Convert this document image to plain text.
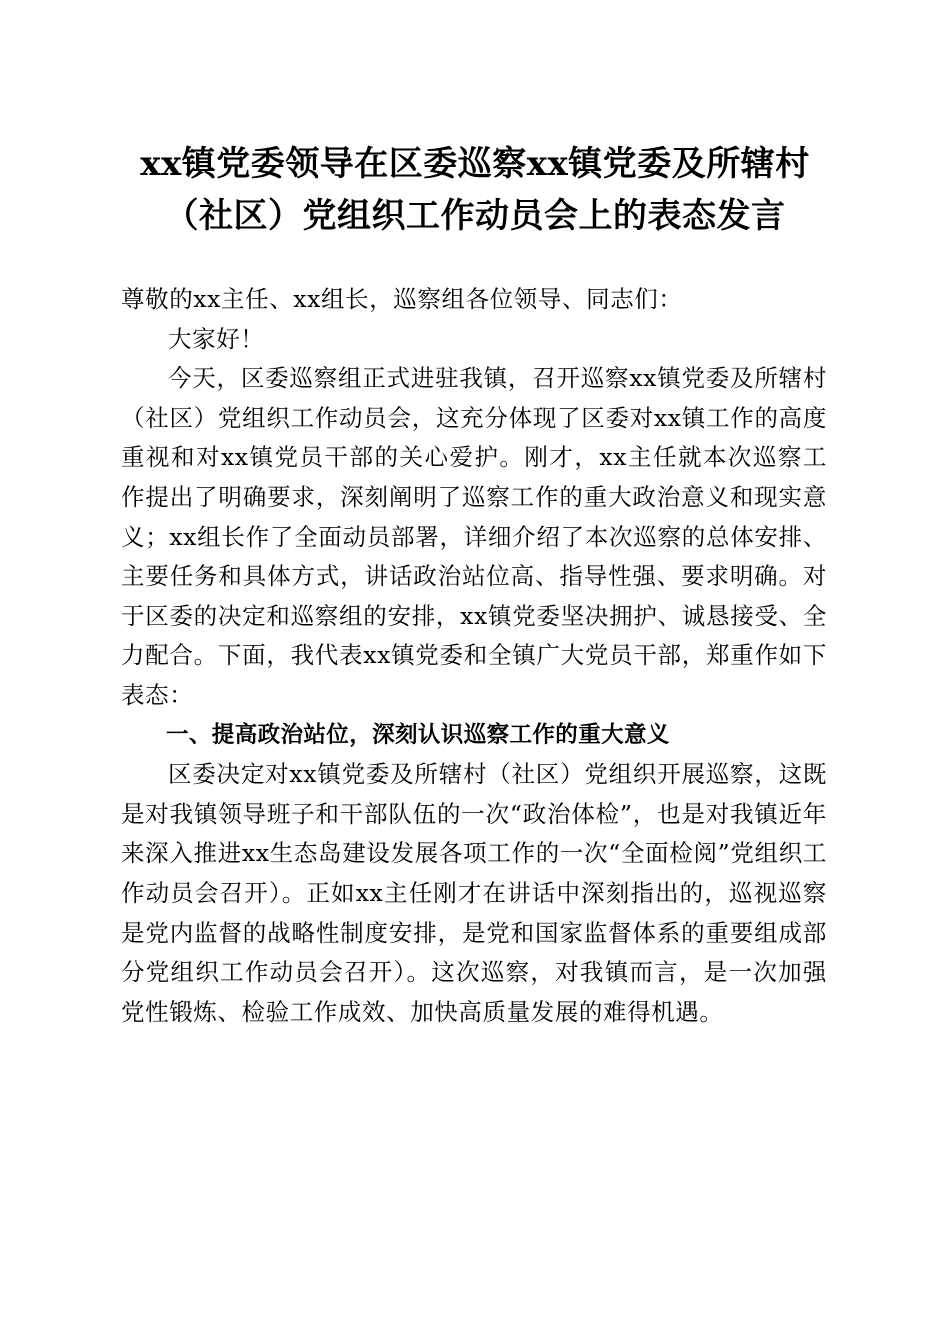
xx镇党委领导在区委巡察xx镇党委及所辖村
（社区）党组织工作动员会上的表态发言

尊敬的xx主任、xx组长，巡察组各位领导、同志们：

大家好！

今天，区委巡察组正式进驻我镇，召开巡察xx镇党委及所辖村（社区）党组织工作动员会，这充分体现了区委对xx镇工作的高度重视和对xx镇党员干部的关心爱护。刚才，xx主任就本次巡察工作提出了明确要求，深刻阐明了巡察工作的重大政治意义和现实意义；xx组长作了全面动员部署，详细介绍了本次巡察的总体安排、主要任务和具体方式，讲话政治站位高、指导性强、要求明确。对于区委的决定和巡察组的安排，xx镇党委坚决拥护、诚恳接受、全力配合。下面，我代表xx镇党委和全镇广大党员干部，郑重作如下表态：

一、提高政治站位，深刻认识巡察工作的重大意义

区委决定对xx镇党委及所辖村（社区）党组织开展巡察，这既是对我镇领导班子和干部队伍的一次“政治体检”，也是对我镇近年来深入推进xx生态岛建设发展各项工作的一次“全面检阅”党组织工作动员会召开）。正如xx主任刚才在讲话中深刻指出的，巡视巡察是党内监督的战略性制度安排，是党和国家监督体系的重要组成部分党组织工作动员会召开）。这次巡察，对我镇而言，是一次加强党性锻炼、检验工作成效、加快高质量发展的难得机遇。
